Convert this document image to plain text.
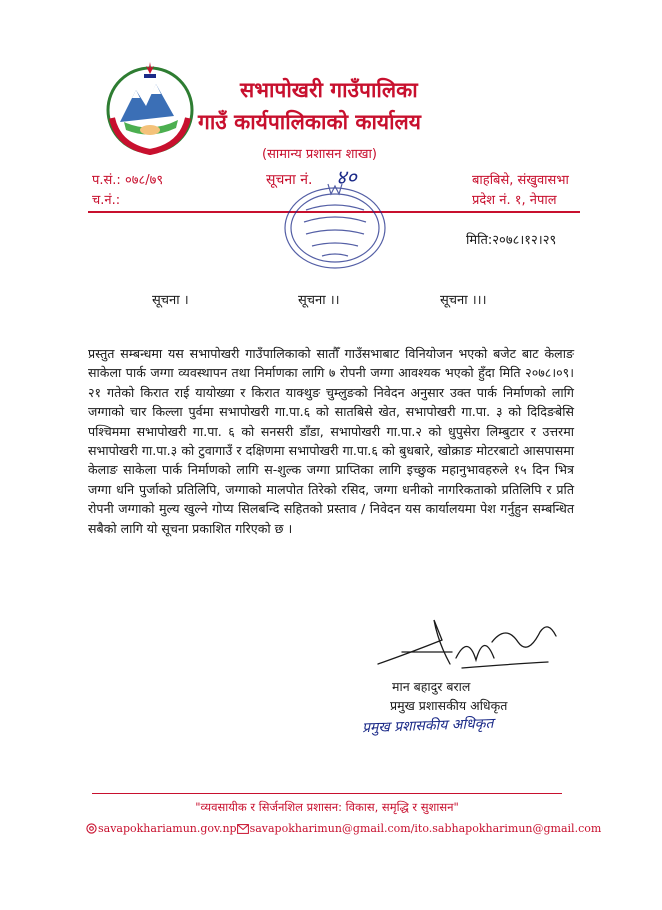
सभापोखरी गाउँपालिका
गाउँ कार्यपालिकाको कार्यालय
(सामान्य प्रशासन शाखा)
प.सं.: ०७८/७९
च.नं.:
सूचना नं. ४०	बाहबिसे, संखुवासभा
प्रदेश नं. १, नेपाल
मिति:२०७८।१२।२९
सूचना ।	सूचना ।।	सूचना ।।।
प्रस्तुत सम्बन्धमा यस सभापोखरी गाउँपालिकाको सातौँ गाउँसभाबाट विनियोजन भएको बजेट बाट केलाङ साकेला पार्क जग्गा व्यवस्थापन तथा निर्माणका लागि ७ रोपनी जग्गा आवश्यक भएको हुँदा मिति २०७८।०९।२१ गतेको किरात राई यायोख्या र किरात याक्थुङ चुम्लुङको निवेदन अनुसार उक्त पार्क निर्माणको लागि जग्गाको चार किल्ला पुर्वमा सभापोखरी गा.पा.६ को सातबिसे खेत, सभापोखरी गा.पा. ३ को दिदिङबेसि पश्चिममा सभापोखरी गा.पा. ६ को सनसरी डाँडा, सभापोखरी गा.पा.२ को धुपुसेरा लिम्बुटार र उत्तरमा सभापोखरी गा.पा.३ को टुवागाउँ र दक्षिणमा सभापोखरी गा.पा.६ को बुधबारे, खोक्राङ मोटरबाटो आसपासमा केलाङ साकेला पार्क निर्माणको लागि स-शुल्क जग्गा प्राप्तिका लागि इच्छुक महानुभावहरुले १५ दिन भित्र जग्गा धनि पुर्जाको प्रतिलिपि, जग्गाको मालपोत तिरेको रसिद, जग्गा धनीको नागरिकताको प्रतिलिपि र प्रति रोपनी जग्गाको मुल्य खुल्ने गोप्य सिलबन्दि सहितको प्रस्ताव / निवेदन यस कार्यालयमा पेश गर्नुहुन सम्बन्धित सबैको लागि यो सूचना प्रकाशित गरिएको छ ।
मान बहादुर बराल
प्रमुख प्रशासकीय अधिकृत
प्रमुख प्रशासकीय अधिकृत
"व्यवसायीक र सिर्जनशिल प्रशासन: विकास, समृद्धि र सुशासन"
savapokhariamun.gov.np savapokharimun@gmail.com/ito.sabhapokharimun@gmail.com
